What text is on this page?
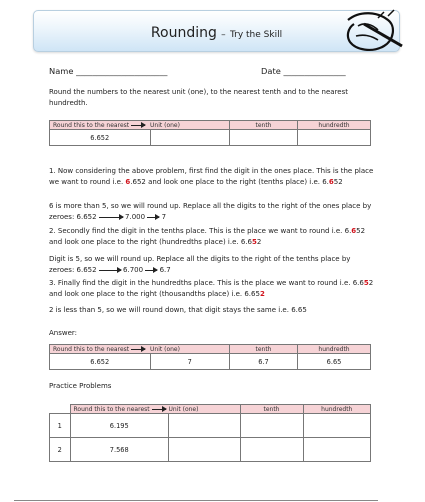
Rounding – Try the Skill
Name ______________________	Date _______________
Round the numbers to the nearest unit (one), to the nearest tenth and to the nearest hundredth.
Round this to the nearest	Unit (one)	tenth	hundredth
6.652			
1. Now considering the above problem, first find the digit in the ones place. This is the place we want to round i.e. 6.652 and look one place to the right (tenths place) i.e. 6.652
6 is more than 5, so we will round up. Replace all the digits to the right of the ones place by zeroes: 6.652	7.000 7
2. Secondly find the digit in the tenths place. This is the place we want to round i.e. 6.652 and look one place to the right (hundredths place) i.e. 6.652
Digit is 5, so we will round up. Replace all the digits to the right of the tenths place by zeroes: 6.652	6.700 6.7
3. Finally find the digit in the hundredths place. This is the place we want to round i.e. 6.652 and look one place to the right (thousandths place) i.e. 6.652
2 is less than 5, so we will round down, that digit stays the same i.e. 6.65
Answer:
Round this to the nearest	Unit (one)	tenth	hundredth
6.652	7	6.7	6.65
Practice Problems
	Round this to the nearest	Unit (one)	tenth	hundredth
1	6.195			
2	7.568			
